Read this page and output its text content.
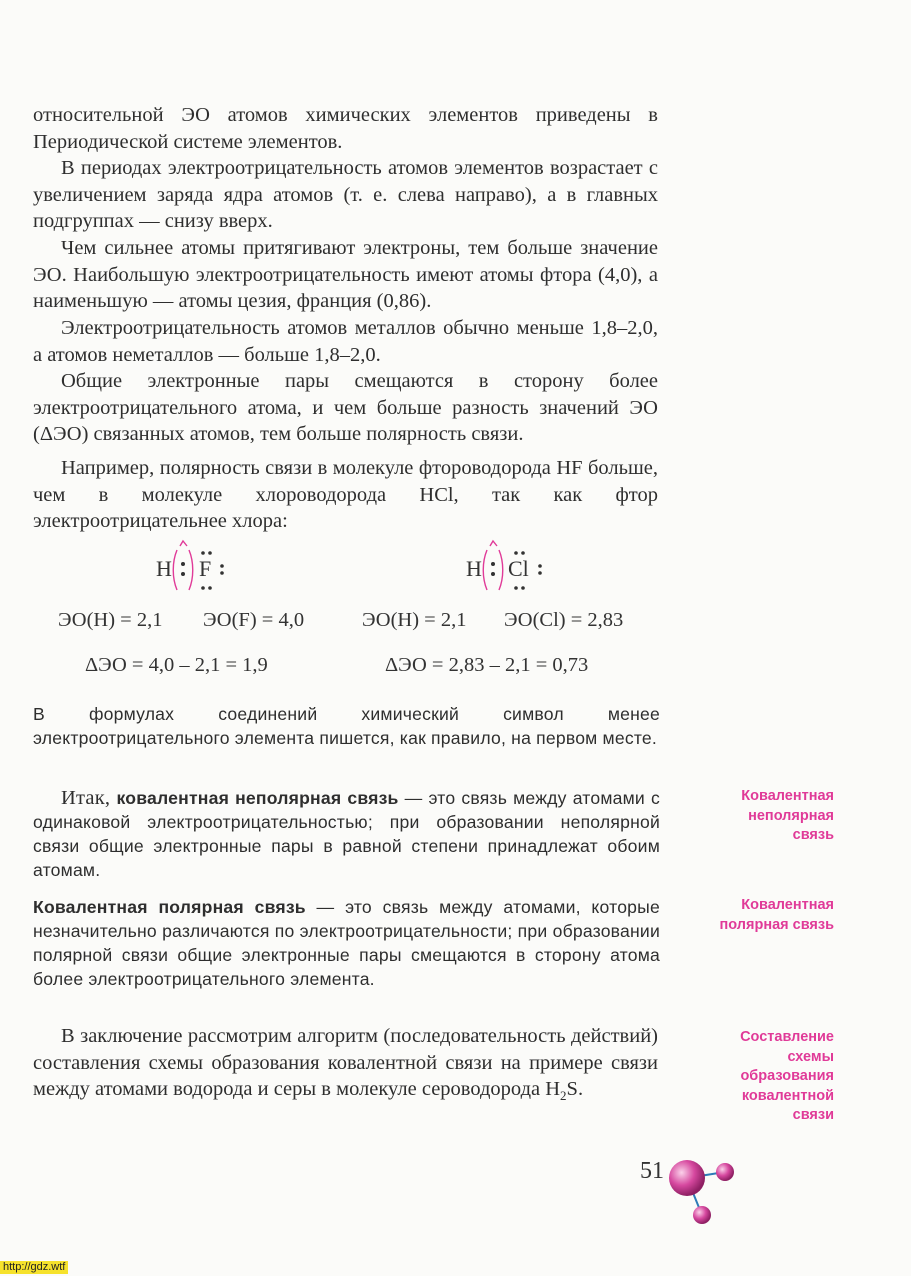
относительной ЭО атомов химических элементов приведены в Периодической системе элементов.

В периодах электроотрицательность атомов элементов возрастает с увеличением заряда ядра атомов (т. е. слева направо), а в главных подгруппах — снизу вверх.

Чем сильнее атомы притягивают электроны, тем больше значение ЭО. Наибольшую электроотрицательность имеют атомы фтора (4,0), а наименьшую — атомы цезия, франция (0,86).

Электроотрицательность атомов металлов обычно меньше 1,8–2,0, а атомов неметаллов — больше 1,8–2,0.

Общие электронные пары смещаются в сторону более электроотрицательного атома, и чем больше разность значений ЭО (ΔЭО) связанных атомов, тем больше полярность связи.

Например, полярность связи в молекуле фтороводорода HF больше, чем в молекуле хлороводорода HCl, так как фтор электроотрицательнее хлора:

H F	H Cl
ЭО(H) = 2,1 ЭО(F) = 4,0	ЭО(H) = 2,1 ЭО(Cl) = 2,83
ΔЭО = 4,0 – 2,1 = 1,9	ΔЭО = 2,83 – 2,1 = 0,73

В формулах соединений химический символ менее электроотрицательного элемента пишется, как правило, на первом месте.

Итак, ковалентная неполярная связь — это связь между атомами с одинаковой электроотрицательностью; при образовании неполярной связи общие электронные пары в равной степени принадлежат обоим атомам.

Ковалентная полярная связь — это связь между атомами, которые незначительно различаются по электроотрицательности; при образовании полярной связи общие электронные пары смещаются в сторону атома более электроотрицательного элемента.

В заключение рассмотрим алгоритм (последовательность действий) составления схемы образования ковалентной связи на примере связи между атомами водорода и серы в молекуле сероводорода $H_2S$.

Ковалентная
неполярная
связь
Ковалентная
полярная связь
Составление
схемы
образования
ковалентной
связи
51
http://gdz.wtf
